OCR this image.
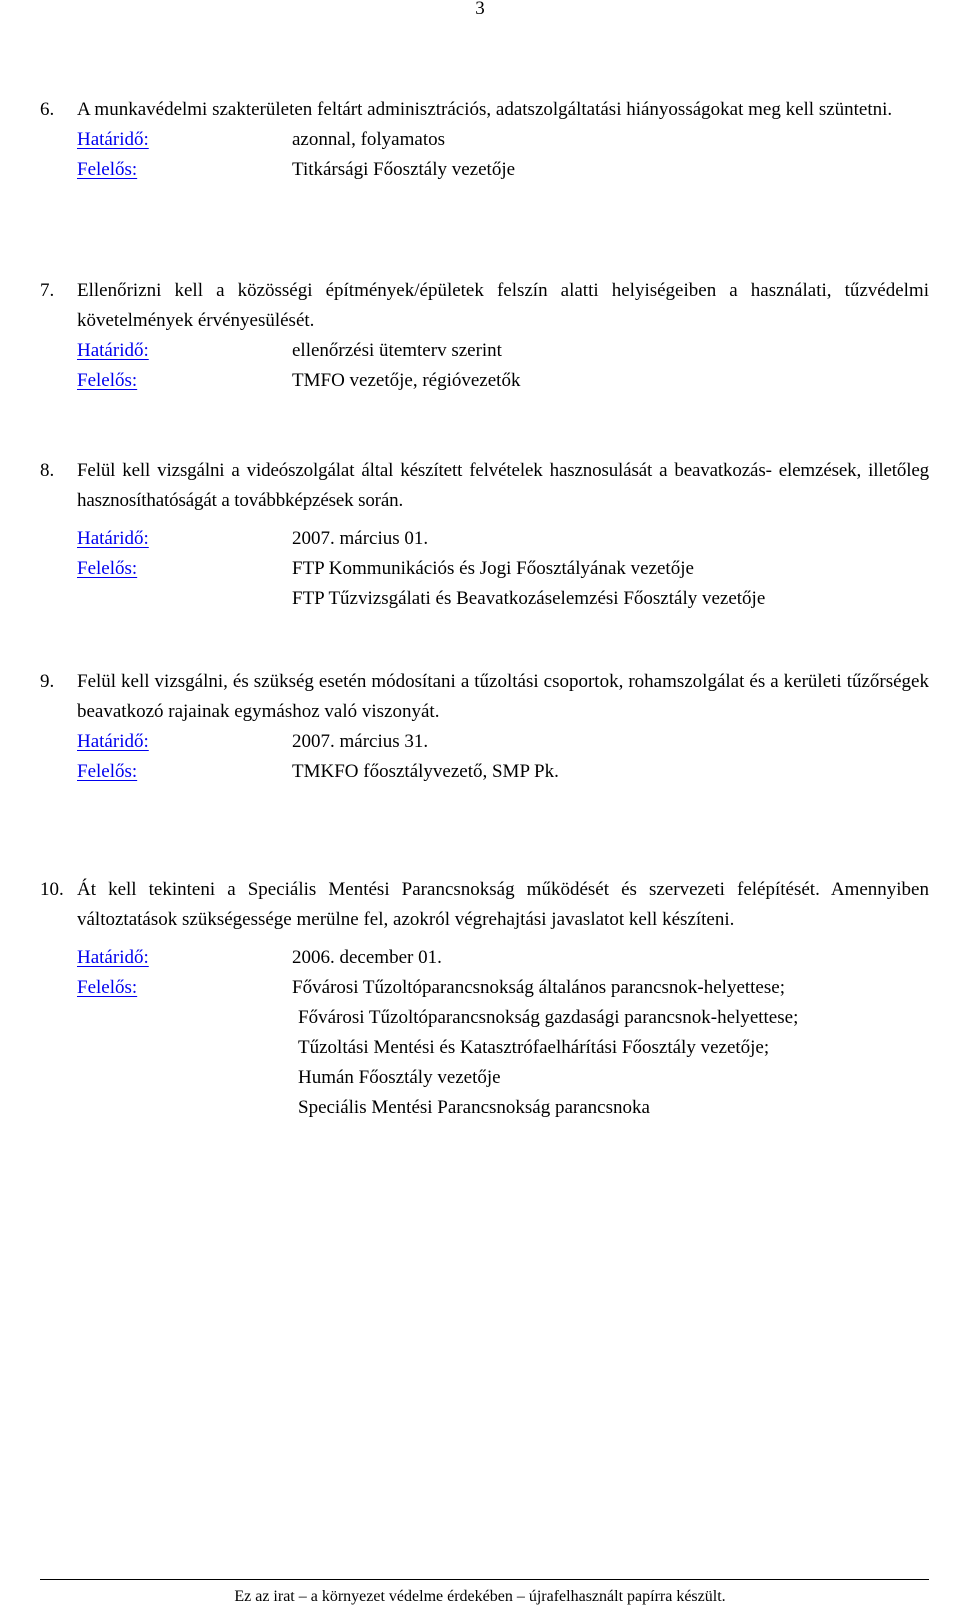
3
6. A munkavédelmi szakterületen feltárt adminisztrációs, adatszolgáltatási hiányosságokat meg kell szüntetni.
Határidő:	azonnal, folyamatos
Felelős:	Titkársági Főosztály vezetője
7. Ellenőrizni kell a közösségi építmények/épületek felszín alatti helyiségeiben a használati, tűzvédelmi követelmények érvényesülését.
Határidő:	ellenőrzési ütemterv szerint
Felelős:	TMFO vezetője, régióvezetők
8. Felül kell vizsgálni a videószolgálat által készített felvételek hasznosulását a beavatkozás- elemzések, illetőleg hasznosíthatóságát a továbbképzések során.
Határidő:	2007. március 01.
Felelős:	FTP Kommunikációs és Jogi Főosztályának vezetője
FTP Tűzvizsgálati és Beavatkozáselemzési Főosztály vezetője
9. Felül kell vizsgálni, és szükség esetén módosítani a tűzoltási csoportok, rohamszolgálat és a kerületi tűzőrségek beavatkozó rajainak egymáshoz való viszonyát.
Határidő:	2007. március 31.
Felelős:	TMKFO főosztályvezető, SMP Pk.
10. Át kell tekinteni a Speciális Mentési Parancsnokság működését és szervezeti felépítését. Amennyiben változtatások szükségessége merülne fel, azokról végrehajtási javaslatot kell készíteni.
Határidő:	2006. december 01.
Felelős:	Fővárosi Tűzoltóparancsnokság általános parancsnok-helyettese;
Fővárosi Tűzoltóparancsnokság gazdasági parancsnok-helyettese;
Tűzoltási Mentési és Katasztrófaelhárítási Főosztály vezetője;
Humán Főosztály vezetője
Speciális Mentési Parancsnokság parancsnoka
Ez az irat – a környezet védelme érdekében – újrafelhasznált papírra készült.
